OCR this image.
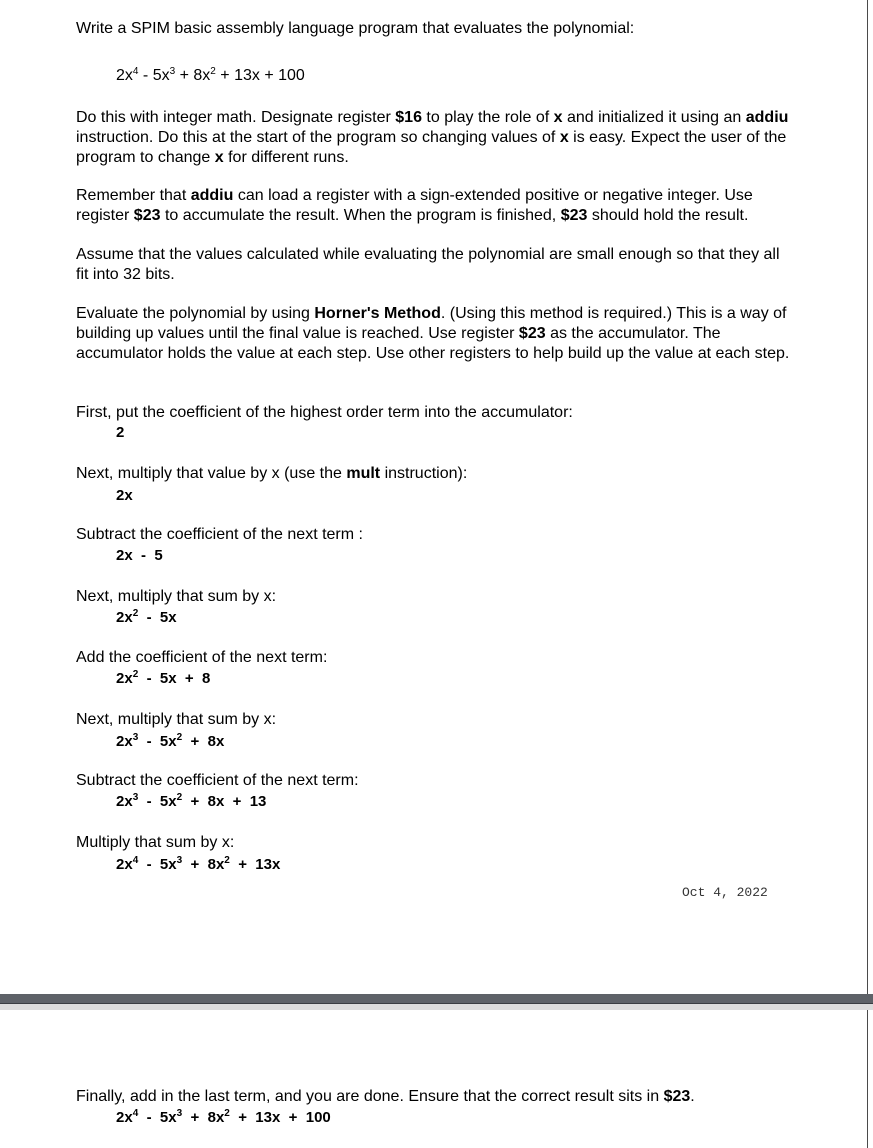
Write a SPIM basic assembly language program that evaluates the polynomial:

$2x^4 - 5x^3 + 8x^2 + 13x + 100$

Do this with integer math. Designate register $16 to play the role of x and initialized it using an addiu instruction. Do this at the start of the program so changing values of x is easy. Expect the user of the program to change x for different runs.

Remember that addiu can load a register with a sign-extended positive or negative integer. Use register $23 to accumulate the result. When the program is finished, $23 should hold the result.

Assume that the values calculated while evaluating the polynomial are small enough so that they all fit into 32 bits.

Evaluate the polynomial by using Horner's Method. (Using this method is required.) This is a way of building up values until the final value is reached. Use register $23 as the accumulator. The accumulator holds the value at each step. Use other registers to help build up the value at each step.

First, put the coefficient of the highest order term into the accumulator:

2

Next, multiply that value by x (use the mult instruction):

2x

Subtract the coefficient of the next term :

2x  -  5

Next, multiply that sum by x:

$2x^2 - 5x$

Add the coefficient of the next term:

$2x^2 - 5x + 8$

Next, multiply that sum by x:

$2x^3 - 5x^2 + 8x$

Subtract the coefficient of the next term:

$2x^3 - 5x^2 + 8x + 13$

Multiply that sum by x:

$2x^4 - 5x^3 + 8x^2 + 13x$
Oct 4, 2022

Finally, add in the last term, and you are done. Ensure that the correct result sits in $23.

$2x^4 - 5x^3 + 8x^2 + 13x + 100$
